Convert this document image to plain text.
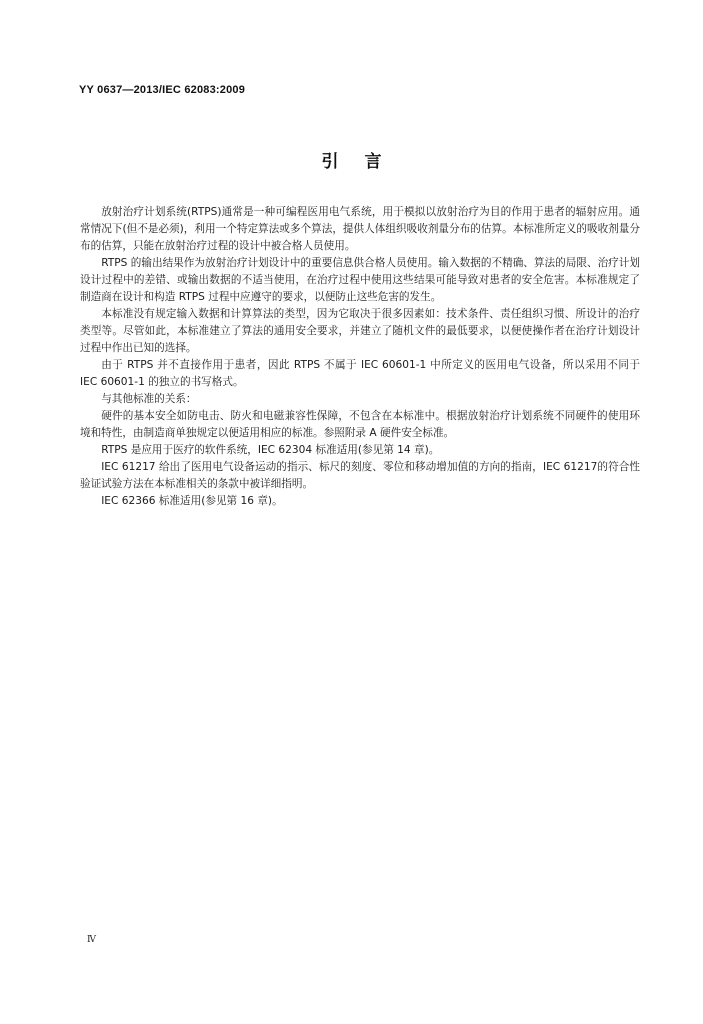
YY 0637—2013/IEC 62083:2009
引言

放射治疗计划系统(RTPS)通常是一种可编程医用电气系统，用于模拟以放射治疗为目的作用于患者的辐射应用。通常情况下(但不是必须)，利用一个特定算法或多个算法，提供人体组织吸收剂量分布的估算。本标准所定义的吸收剂量分布的估算，只能在放射治疗过程的设计中被合格人员使用。

RTPS 的输出结果作为放射治疗计划设计中的重要信息供合格人员使用。输入数据的不精确、算法的局限、治疗计划设计过程中的差错、或输出数据的不适当使用，在治疗过程中使用这些结果可能导致对患者的安全危害。本标准规定了制造商在设计和构造 RTPS 过程中应遵守的要求，以便防止这些危害的发生。

本标准没有规定输入数据和计算算法的类型，因为它取决于很多因素如：技术条件、责任组织习惯、所设计的治疗类型等。尽管如此，本标准建立了算法的通用安全要求，并建立了随机文件的最低要求，以便使操作者在治疗计划设计过程中作出已知的选择。

由于 RTPS 并不直接作用于患者，因此 RTPS 不属于 IEC 60601-1 中所定义的医用电气设备，所以采用不同于 IEC 60601-1 的独立的书写格式。

与其他标准的关系：

硬件的基本安全如防电击、防火和电磁兼容性保障，不包含在本标准中。根据放射治疗计划系统不同硬件的使用环境和特性，由制造商单独规定以便适用相应的标准。参照附录 A 硬件安全标准。

RTPS 是应用于医疗的软件系统，IEC 62304 标准适用(参见第 14 章)。

IEC 61217 给出了医用电气设备运动的指示、标尺的刻度、零位和移动增加值的方向的指南，IEC 61217的符合性验证试验方法在本标准相关的条款中被详细指明。

IEC 62366 标准适用(参见第 16 章)。

Ⅳ
